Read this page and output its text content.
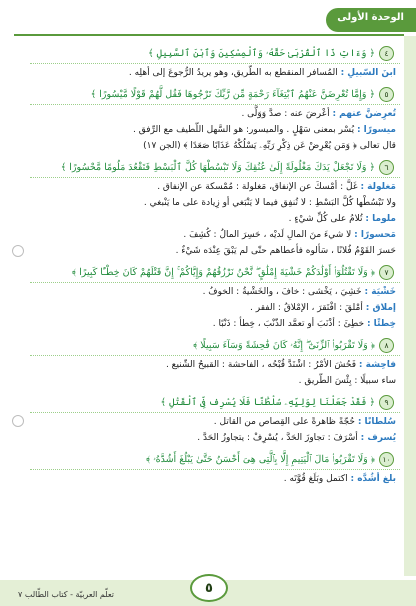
الوحدة الأولى
٤
﴿ وَءَاتِ ذَا ٱلْقُرْبَىٰ حَقَّهُۥ وَٱلْمِسْكِينَ وَٱبْنَ ٱلسَّبِيلِ ﴾
ابنَ السّبيلِ : المُسافر المنقطع به الطّريق، وهو يريدُ الرُّجوعَ إلى أهلِه .
٥
﴿ وَإِمَّا تُعْرِضَنَّ عَنْهُمُ ٱبْتِغَآءَ رَحْمَةٍ مِّن رَّبِّكَ تَرْجُوهَا فَقُل لَّهُمْ قَوْلًا مَّيْسُورًا ﴾
تُعرِضنَّ عنهم : أعْرضَ عنه : صدَّ وَوَلَّى .
ميسورًا : يُسْر بمعنى سَهْلٍ . والميسور: هو السَّهل اللّطيف مع الرِّفق .
قال تعالى ﴿ وَمَن يُعْرِضْ عَن ذِكْرِ رَبِّهِۦ يَسْلُكْهُ عَذَابًا صَعَدًا ﴾ (الجن ١٧)
٦
﴿ وَلَا تَجْعَلْ يَدَكَ مَغْلُولَةً إِلَىٰ عُنُقِكَ وَلَا تَبْسُطْهَا كُلَّ ٱلْبَسْطِ فَتَقْعُدَ مَلُومًا مَّحْسُورًا ﴾
مَغلولة : غَلَّ : أمْسكَ عن الإنفاق، مَغلولة : مُمْسكة عن الإنفاق .
ولا تَبْسُطْها كُلَّ البَسْطِ : لا تُنفِق فيما لا يَنْبَغي أو زِيادة على ما يَنْبغي .
ملوما : تُلامُ على كُلِّ شيْءٍ .
مَحسورًا : لا شيءَ منَ المالِ لَديْه ، حَسِرَ المالُ : كُشِفَ .
حَسرَ القَوْمُ فُلانًا ، سَألوه فأعطاهم حتّى لم يَبْقَ عِنْدَه شَيْءٌ .
٧
﴿ وَلَا تَقْتُلُوٓا۟ أَوْلَٰدَكُمْ خَشْيَةَ إِمْلَٰقٍ ۖ نَّحْنُ نَرْزُقُهُمْ وَإِيَّاكُمْ ۚ إِنَّ قَتْلَهُمْ كَانَ خِطْـًٔا كَبِيرًا ﴾
خَشْيَة : خَشِيَ ، يَخْشى : خافَ ، والخَشْيةُ : الخوفُ .
إملاق : أمْلقَ : افْتَقرَ ، الإمْلاقُ : الفقر .
خِطئًا : خطِئَ : أذْنَبَ أو تعمَّد الذّنْبَ ، خِطأ : ذَنْبًا .
٨
﴿ وَلَا تَقْرَبُوا۟ ٱلزِّنَىٰٓ ۖ إِنَّهُۥ كَانَ فَٰحِشَةً وَسَآءَ سَبِيلًا ﴾
فاحِشة : فَحُشَ الأمْرُ : اشْتَدَّ قُبْحُه ، الفاحشة : القبيحُ الشّنيع .
ساء سبيلًا : بِئْسَ الطّريق .
٩
﴿ فَقَدْ جَعَلْنَا لِوَلِيِّهِۦ سُلْطَٰنًا فَلَا يُسْرِف فِّى ٱلْقَتْلِ ﴾
سُلطانًا : حُجّةً ظاهرةً على القِصاص من القاتل .
يُسرف : أسْرَفَ : تجاوزَ الحَدَّ ، يُسْرِفْ : يتجاوزُ الحَدَّ .
١٠
﴿ وَلَا تَقْرَبُوا۟ مَالَ ٱلْيَتِيمِ إِلَّا بِٱلَّتِى هِىَ أَحْسَنُ حَتَّىٰ يَبْلُغَ أَشُدَّهُۥ ﴾
بلغ أشُدَّه : اكتمل وبَلَغ قُوَّتَه .
٥
تعلّم العربيّة - كتاب الطّالب ٧
